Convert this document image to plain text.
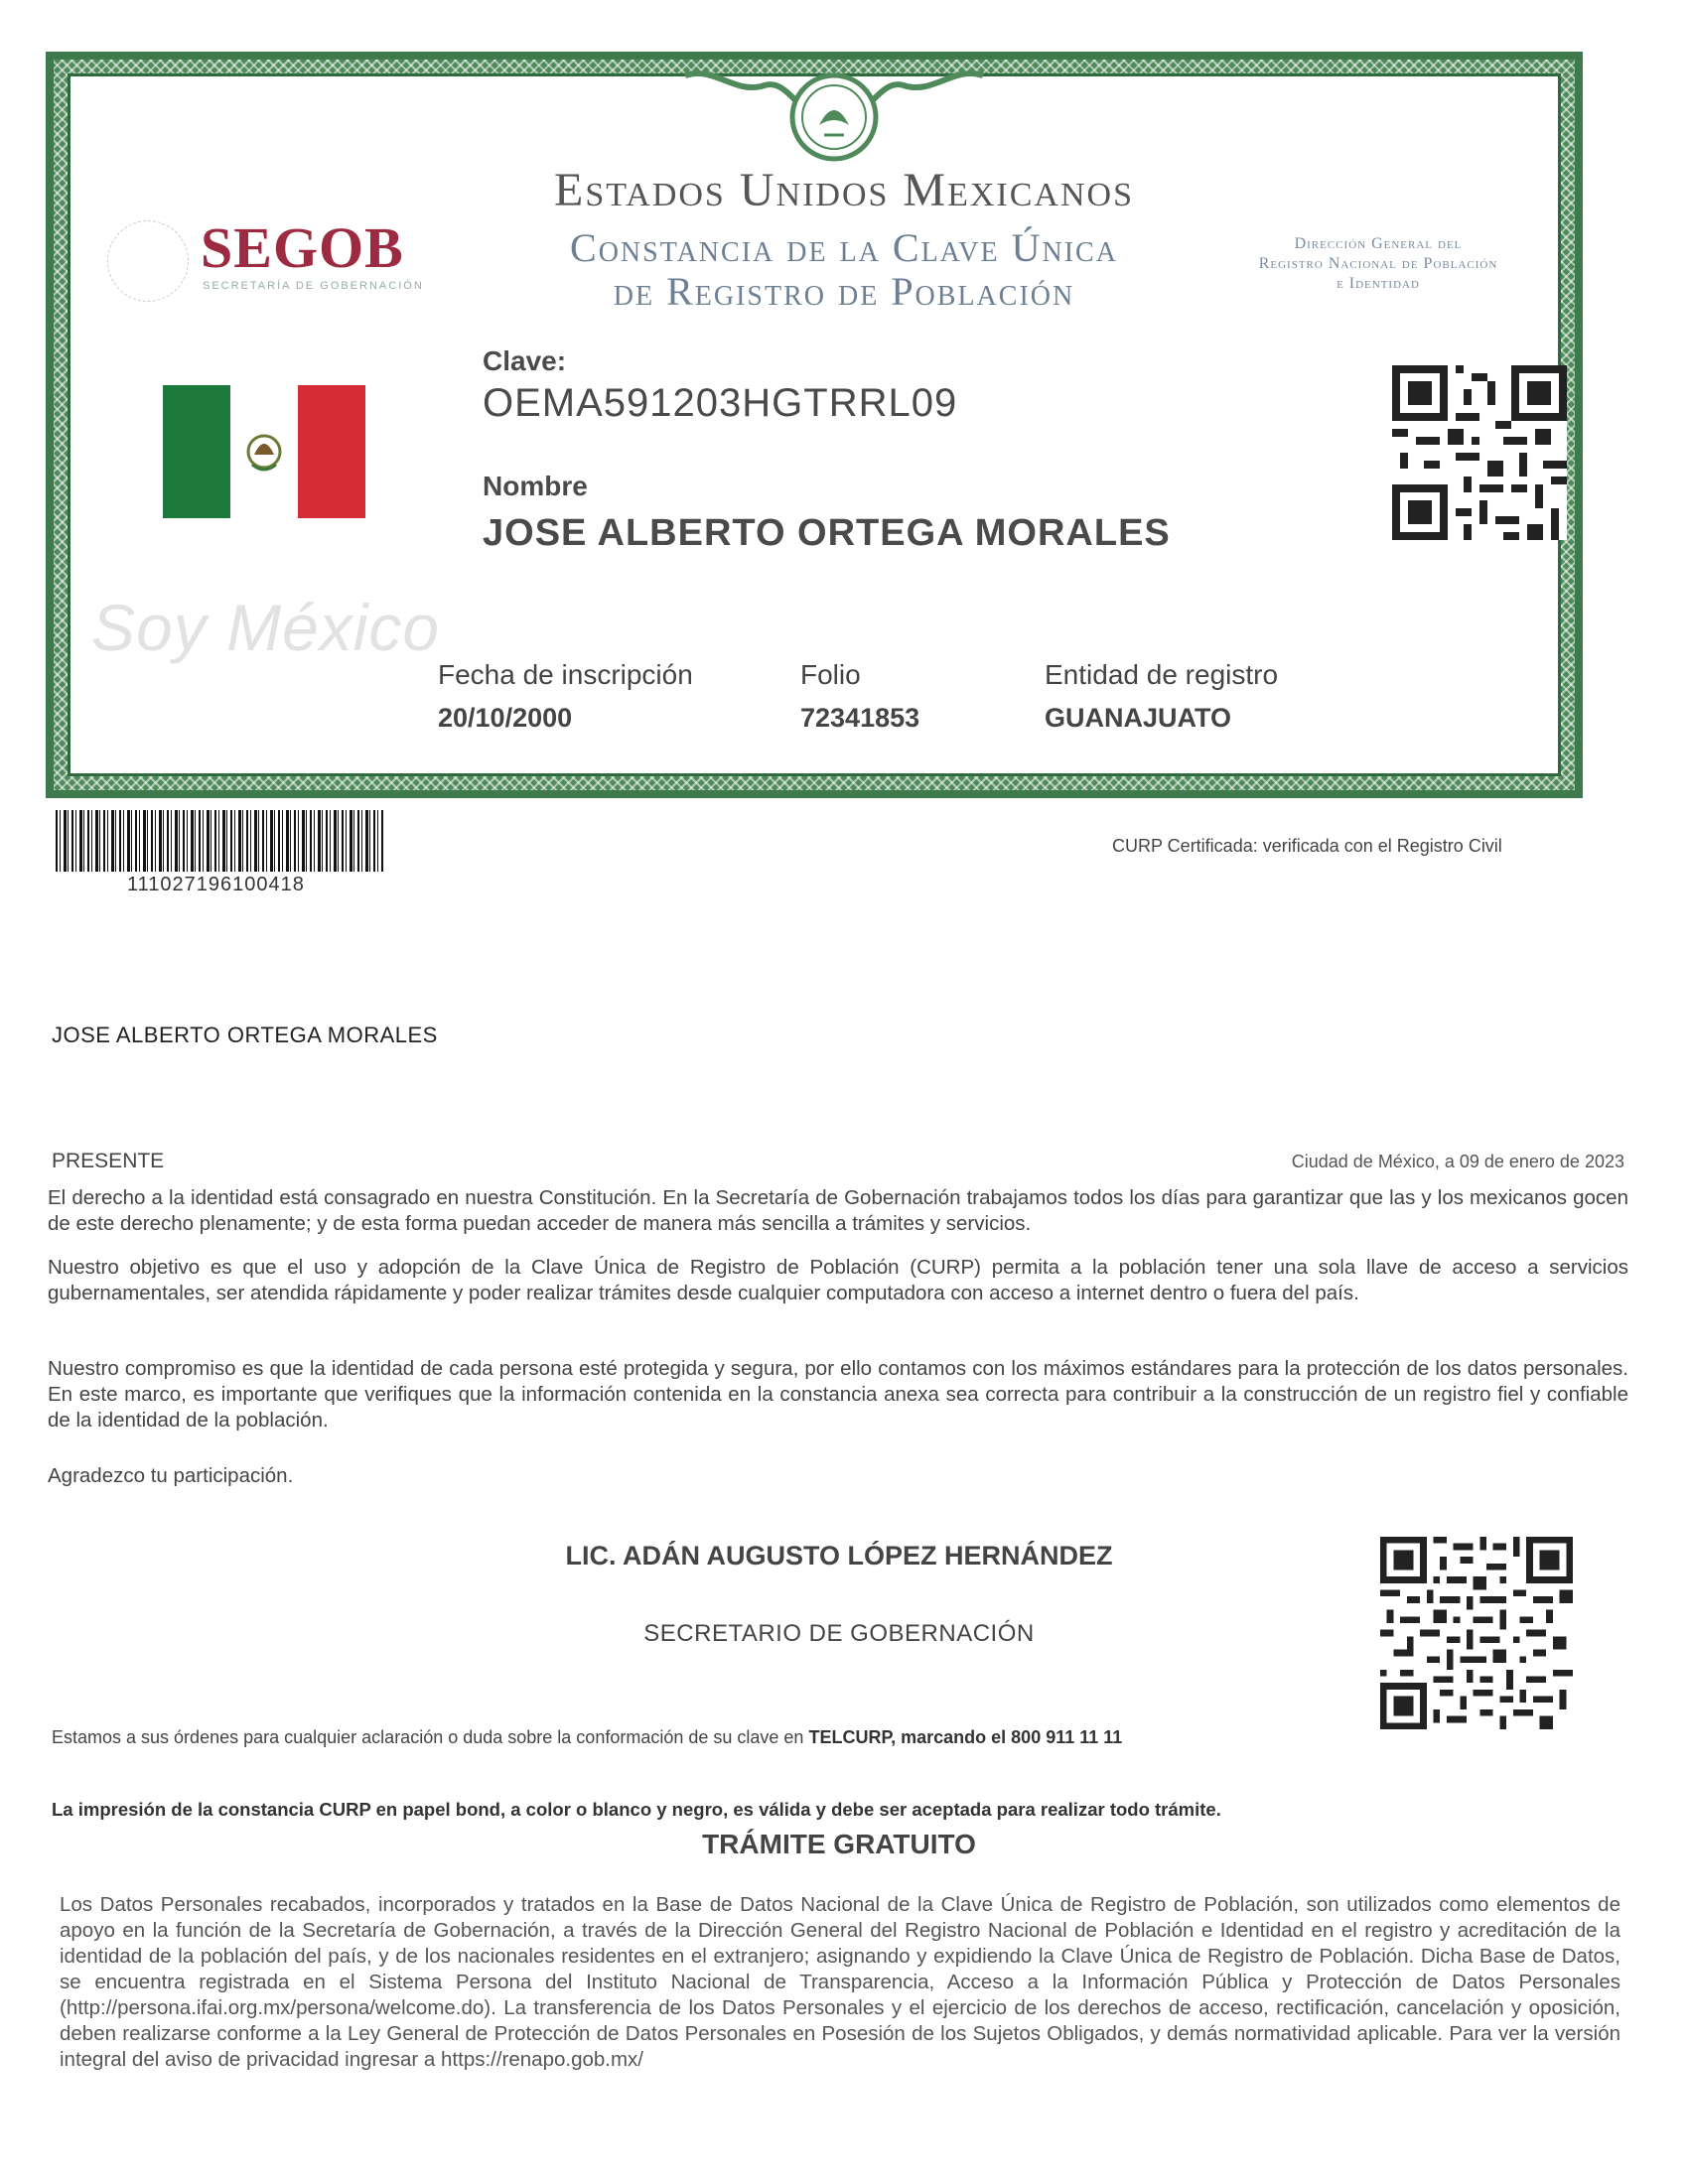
Estados Unidos Mexicanos
Constancia de la Clave Única
de Registro de Población
SEGOB
SECRETARÍA DE GOBERNACIÓN
Dirección General del
Registro Nacional de Población
e Identidad
Clave:
OEMA591203HGTRRL09
Nombre
JOSE ALBERTO ORTEGA MORALES
Soy México
Fecha de inscripción
20/10/2000
Folio
72341853
Entidad de registro
GUANAJUATO
111027196100418
CURP Certificada: verificada con el Registro Civil
JOSE ALBERTO ORTEGA MORALES
PRESENTE	Ciudad de México, a 09 de enero de 2023
El derecho a la identidad está consagrado en nuestra Constitución. En la Secretaría de Gobernación trabajamos todos los días para garantizar que las y los mexicanos gocen de este derecho plenamente; y de esta forma puedan acceder de manera más sencilla a trámites y servicios.
Nuestro objetivo es que el uso y adopción de la Clave Única de Registro de Población (CURP) permita a la población tener una sola llave de acceso a servicios gubernamentales, ser atendida rápidamente y poder realizar trámites desde cualquier computadora con acceso a internet dentro o fuera del país.
Nuestro compromiso es que la identidad de cada persona esté protegida y segura, por ello contamos con los máximos estándares para la protección de los datos personales. En este marco, es importante que verifiques que la información contenida en la constancia anexa sea correcta para contribuir a la construcción de un registro fiel y confiable de la identidad de la población.
Agradezco tu participación.
LIC. ADÁN AUGUSTO LÓPEZ HERNÁNDEZ
SECRETARIO DE GOBERNACIÓN
Estamos a sus órdenes para cualquier aclaración o duda sobre la conformación de su clave en TELCURP, marcando el 800 911 11 11
La impresión de la constancia CURP en papel bond, a color o blanco y negro, es válida y debe ser aceptada para realizar todo trámite.
TRÁMITE GRATUITO
Los Datos Personales recabados, incorporados y tratados en la Base de Datos Nacional de la Clave Única de Registro de Población, son utilizados como elementos de apoyo en la función de la Secretaría de Gobernación, a través de la Dirección General del Registro Nacional de Población e Identidad en el registro y acreditación de la identidad de la población del país, y de los nacionales residentes en el extranjero; asignando y expidiendo la Clave Única de Registro de Población. Dicha Base de Datos, se encuentra registrada en el Sistema Persona del Instituto Nacional de Transparencia, Acceso a la Información Pública y Protección de Datos Personales (http://persona.ifai.org.mx/persona/welcome.do). La transferencia de los Datos Personales y el ejercicio de los derechos de acceso, rectificación, cancelación y oposición, deben realizarse conforme a la Ley General de Protección de Datos Personales en Posesión de los Sujetos Obligados, y demás normatividad aplicable. Para ver la versión integral del aviso de privacidad ingresar a https://renapo.gob.mx/
